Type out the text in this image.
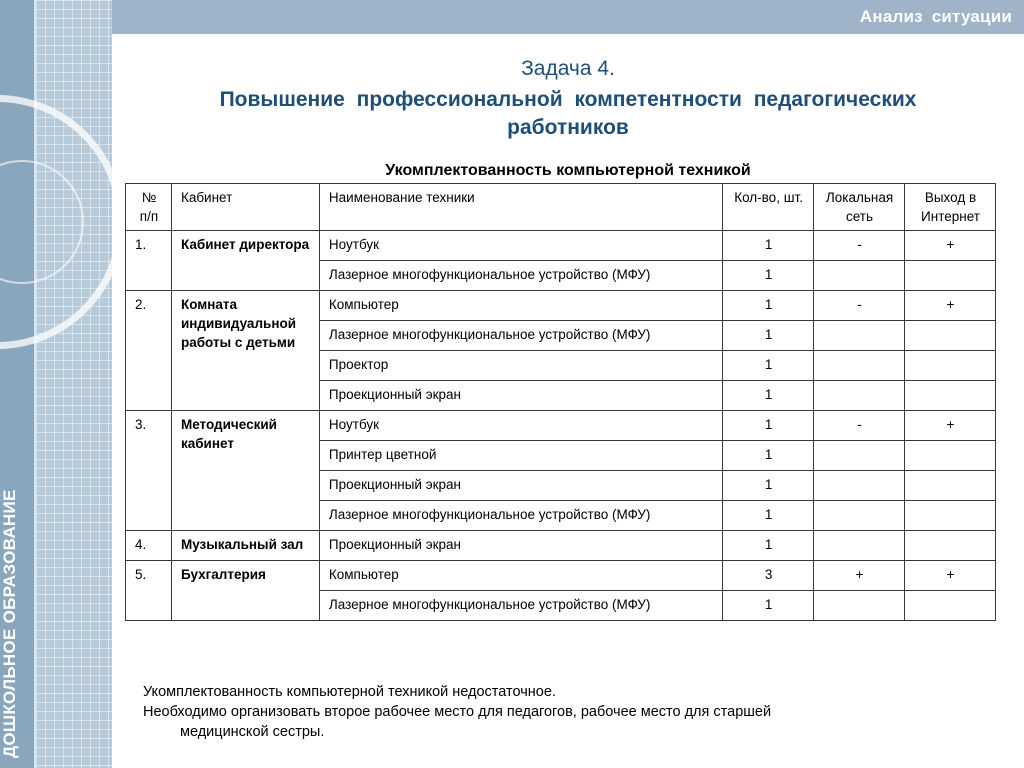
Анализ ситуации
ДОШКОЛЬНОЕ ОБРАЗОВАНИЕ
Задача 4.
Повышение профессиональной компетентности педагогических
работников
Укомплектованность компьютерной техникой
№ п/п	Кабинет	Наименование техники	Кол-во, шт.	Локальная сеть	Выход в Интернет
1.	Кабинет директора	Ноутбук	1	-	+
		Лазерное многофункциональное устройство (МФУ)	1		
2.	Комната индивидуальной работы с детьми	Компьютер	1	-	+
		Лазерное многофункциональное устройство (МФУ)	1		
		Проектор	1		
		Проекционный экран	1		
3.	Методический кабинет	Ноутбук	1	-	+
		Принтер цветной	1		
		Проекционный экран	1		
		Лазерное многофункциональное устройство (МФУ)	1		
4.	Музыкальный зал	Проекционный экран	1		
5.	Бухгалтерия	Компьютер	3	+	+
		Лазерное многофункциональное устройство (МФУ)	1		

Укомплектованность компьютерной техникой недостаточное.

Необходимо организовать второе рабочее место для педагогов, рабочее место для старшей

медицинской сестры.
